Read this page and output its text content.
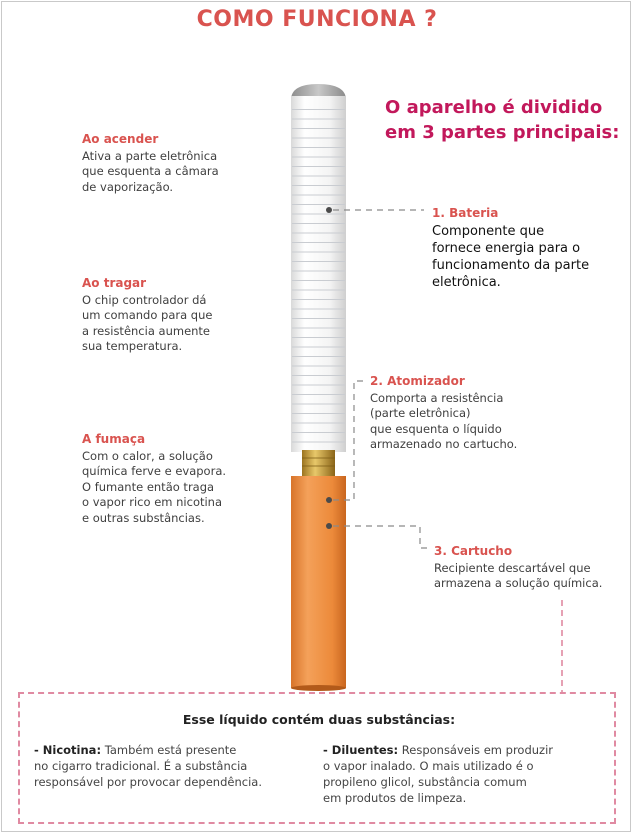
COMO FUNCIONA ?

O aparelho é dividido em 3 partes principais:

Ao acender

Ativa a parte eletrônica
que esquenta a câmara
de vaporização.

Ao tragar

O chip controlador dá
um comando para que
a resistência aumente
sua temperatura.

A fumaça

Com o calor, a solução
química ferve e evapora.
O fumante então traga
o vapor rico em nicotina
e outras substâncias.

1. Bateria

Componente que
fornece energia para o
funcionamento da parte
eletrônica.

2. Atomizador

Comporta a resistência
(parte eletrônica)
que esquenta o líquido
armazenado no cartucho.

3. Cartucho

Recipiente descartável que
armazena a solução química.

Esse líquido contém duas substâncias:

- Nicotina: Também está presente
no cigarro tradicional. É a substância
responsável por provocar dependência.
- Diluentes: Responsáveis em produzir
o vapor inalado. O mais utilizado é o
propileno glicol, substância comum
em produtos de limpeza.
